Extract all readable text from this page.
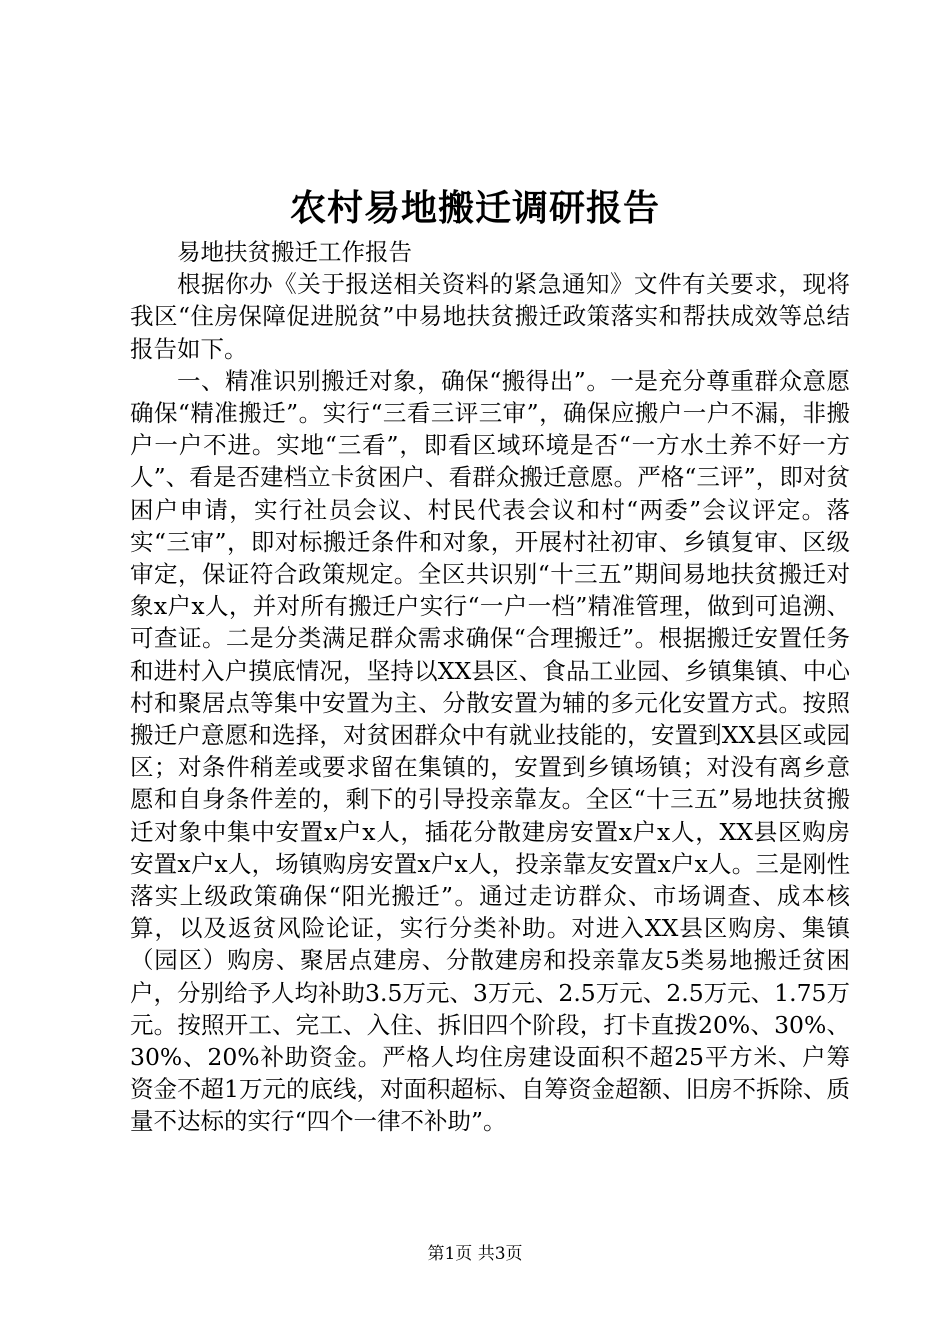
农村易地搬迁调研报告

易地扶贫搬迁工作报告

根据你办《关于报送相关资料的紧急通知》文件有关要求，现将我区“住房保障促进脱贫”中易地扶贫搬迁政策落实和帮扶成效等总结报告如下。

一、精准识别搬迁对象，确保“搬得出”。一是充分尊重群众意愿确保“精准搬迁”。实行“三看三评三审”，确保应搬户一户不漏，非搬户一户不进。实地“三看”，即看区域环境是否“一方水土养不好一方人”、看是否建档立卡贫困户、看群众搬迁意愿。严格“三评”，即对贫困户申请，实行社员会议、村民代表会议和村“两委”会议评定。落实“三审”，即对标搬迁条件和对象，开展村社初审、乡镇复审、区级审定，保证符合政策规定。全区共识别“十三五”期间易地扶贫搬迁对象x户x人，并对所有搬迁户实行“一户一档”精准管理，做到可追溯、可查证。二是分类满足群众需求确保“合理搬迁”。根据搬迁安置任务和进村入户摸底情况，坚持以XX县区、食品工业园、乡镇集镇、中心村和聚居点等集中安置为主、分散安置为辅的多元化安置方式。按照搬迁户意愿和选择，对贫困群众中有就业技能的，安置到XX县区或园区；对条件稍差或要求留在集镇的，安置到乡镇场镇；对没有离乡意愿和自身条件差的，剩下的引导投亲靠友。全区“十三五”易地扶贫搬迁对象中集中安置x户x人，插花分散建房安置x户x人，XX县区购房安置x户x人，场镇购房安置x户x人，投亲靠友安置x户x人。三是刚性落实上级政策确保“阳光搬迁”。通过走访群众、市场调查、成本核算，以及返贫风险论证，实行分类补助。对进入XX县区购房、集镇（园区）购房、聚居点建房、分散建房和投亲靠友5类易地搬迁贫困户，分别给予人均补助3.5万元、3万元、2.5万元、2.5万元、1.75万元。按照开工、完工、入住、拆旧四个阶段，打卡直拨20%、30%、30%、20%补助资金。严格人均住房建设面积不超25平方米、户筹资金不超1万元的底线，对面积超标、自筹资金超额、旧房不拆除、质量不达标的实行“四个一律不补助”。

第1页 共3页
